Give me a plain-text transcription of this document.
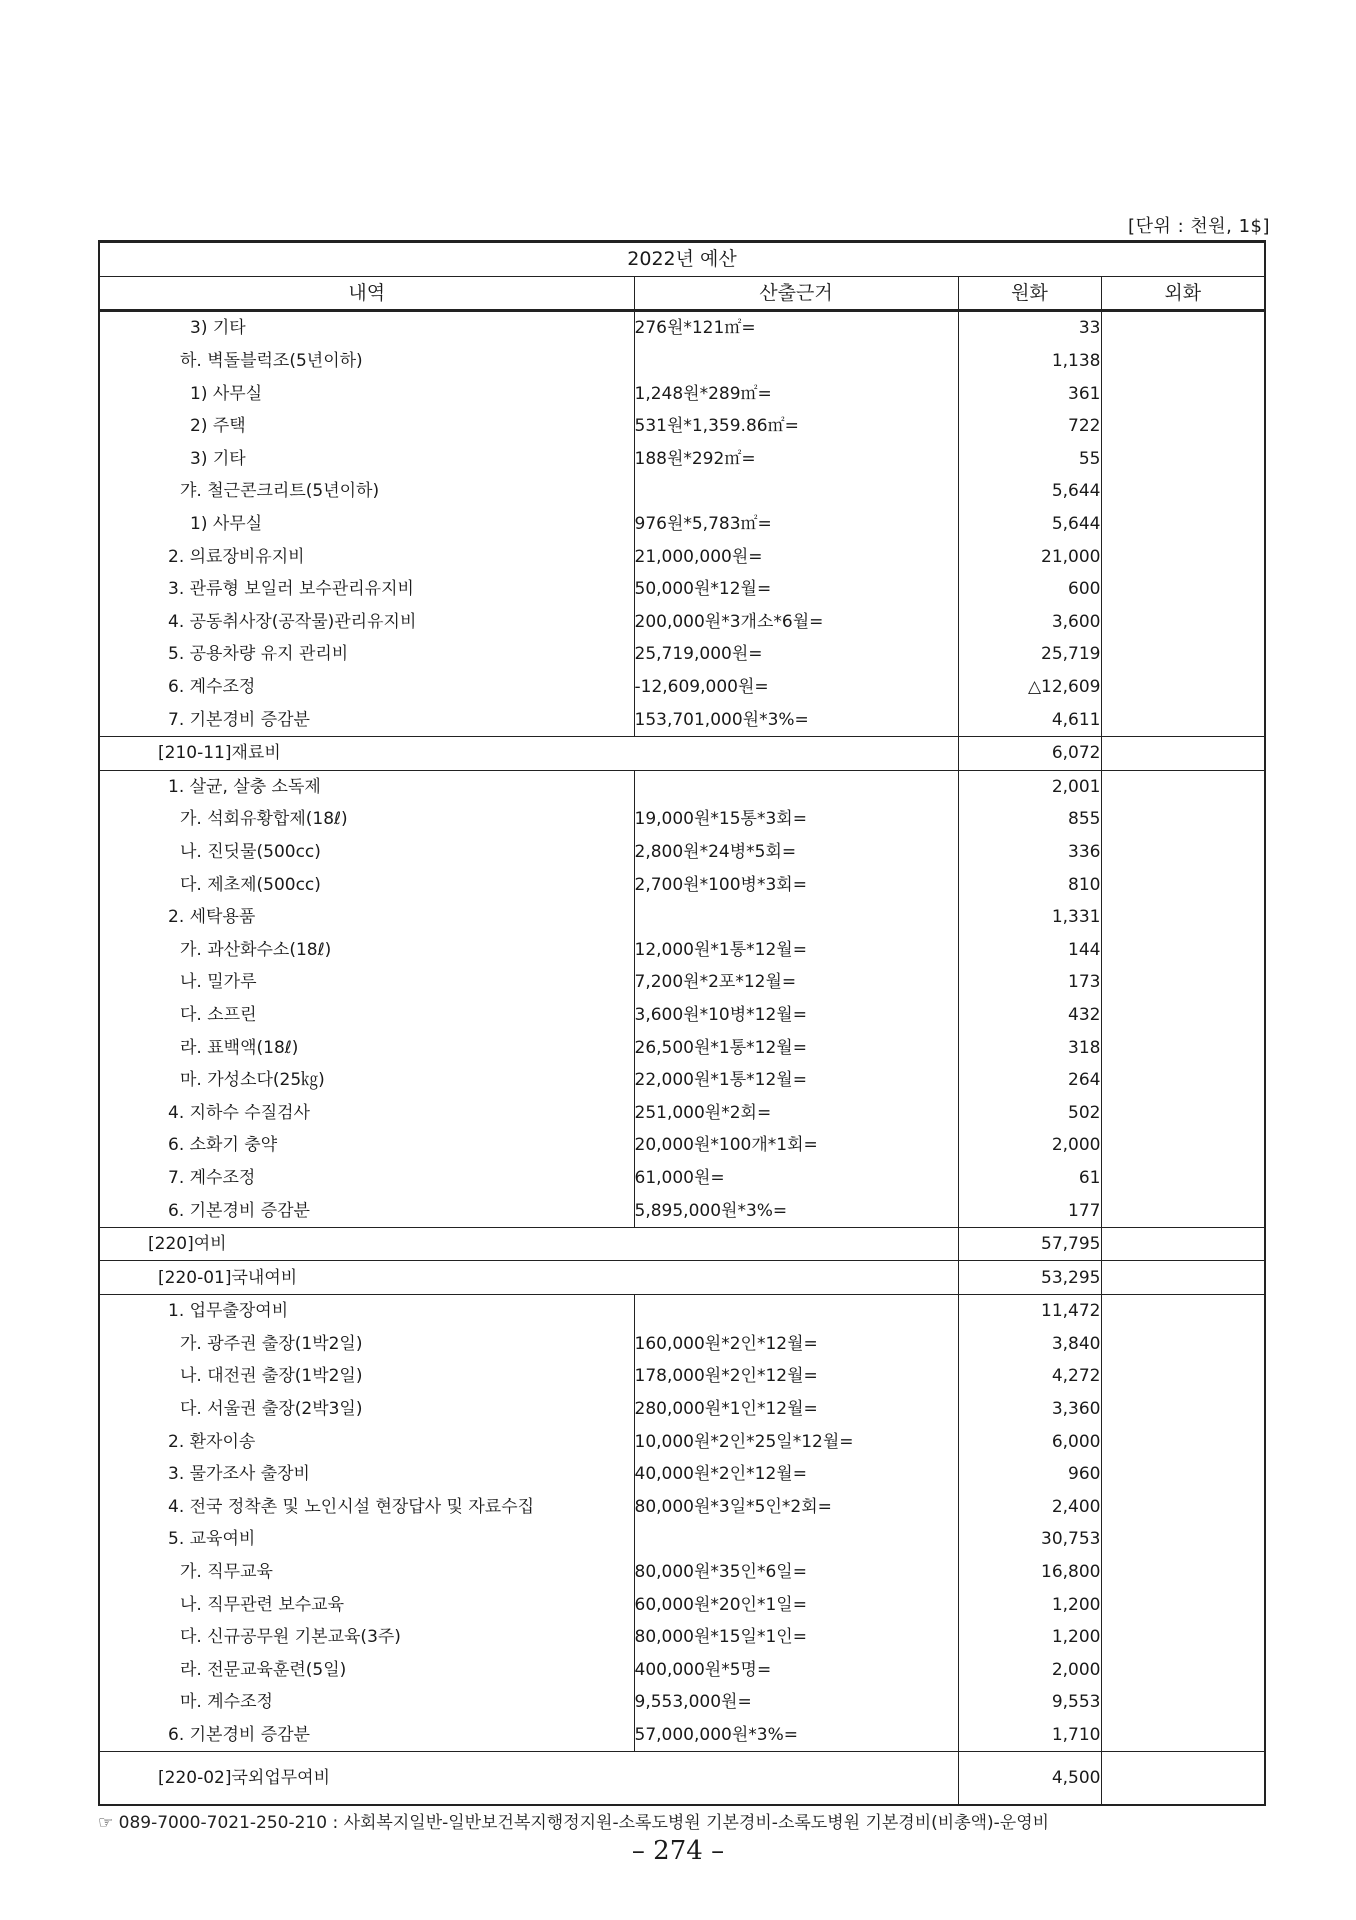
[단위 : 천원, 1$]
2022년 예산			
내역	산출근거	원화	외화
3) 기타	276원*121㎡=	33	
하. 벽돌블럭조(5년이하)		1,138	
1) 사무실	1,248원*289㎡=	361	
2) 주택	531원*1,359.86㎡=	722	
3) 기타	188원*292㎡=	55	
갸. 철근콘크리트(5년이하)		5,644	
1) 사무실	976원*5,783㎡=	5,644	
2. 의료장비유지비	21,000,000원=	21,000	
3. 관류형 보일러 보수관리유지비	50,000원*12월=	600	
4. 공동취사장(공작물)관리유지비	200,000원*3개소*6월=	3,600	
5. 공용차량 유지 관리비	25,719,000원=	25,719	
6. 계수조정	-12,609,000원=	△12,609	
7. 기본경비 증감분	153,701,000원*3%=	4,611	
[210-11]재료비		6,072	
1. 살균, 살충 소독제		2,001	
가. 석회유황합제(18ℓ)	19,000원*15통*3회=	855	
나. 진딧물(500cc)	2,800원*24병*5회=	336	
다. 제초제(500cc)	2,700원*100병*3회=	810	
2. 세탁용품		1,331	
가. 과산화수소(18ℓ)	12,000원*1통*12월=	144	
나. 밀가루	7,200원*2포*12월=	173	
다. 소프린	3,600원*10병*12월=	432	
라. 표백액(18ℓ)	26,500원*1통*12월=	318	
마. 가성소다(25㎏)	22,000원*1통*12월=	264	
4. 지하수 수질검사	251,000원*2회=	502	
6. 소화기 충약	20,000원*100개*1회=	2,000	
7. 계수조정	61,000원=	61	
6. 기본경비 증감분	5,895,000원*3%=	177	
[220]여비		57,795	
[220-01]국내여비		53,295	
1. 업무출장여비		11,472	
가. 광주권 출장(1박2일)	160,000원*2인*12월=	3,840	
나. 대전권 출장(1박2일)	178,000원*2인*12월=	4,272	
다. 서울권 출장(2박3일)	280,000원*1인*12월=	3,360	
2. 환자이송	10,000원*2인*25일*12월=	6,000	
3. 물가조사 출장비	40,000원*2인*12월=	960	
4. 전국 정착촌 및 노인시설 현장답사 및 자료수집	80,000원*3일*5인*2회=	2,400	
5. 교육여비		30,753	
가. 직무교육	80,000원*35인*6일=	16,800	
나. 직무관련 보수교육	60,000원*20인*1일=	1,200	
다. 신규공무원 기본교육(3주)	80,000원*15일*1인=	1,200	
라. 전문교육훈련(5일)	400,000원*5명=	2,000	
마. 계수조정	9,553,000원=	9,553	
6. 기본경비 증감분	57,000,000원*3%=	1,710	
[220-02]국외업무여비		4,500	
☞ 089-7000-7021-250-210 : 사회복지일반-일반보건복지행정지원-소록도병원 기본경비-소록도병원 기본경비(비총액)-운영비
– 274 –
